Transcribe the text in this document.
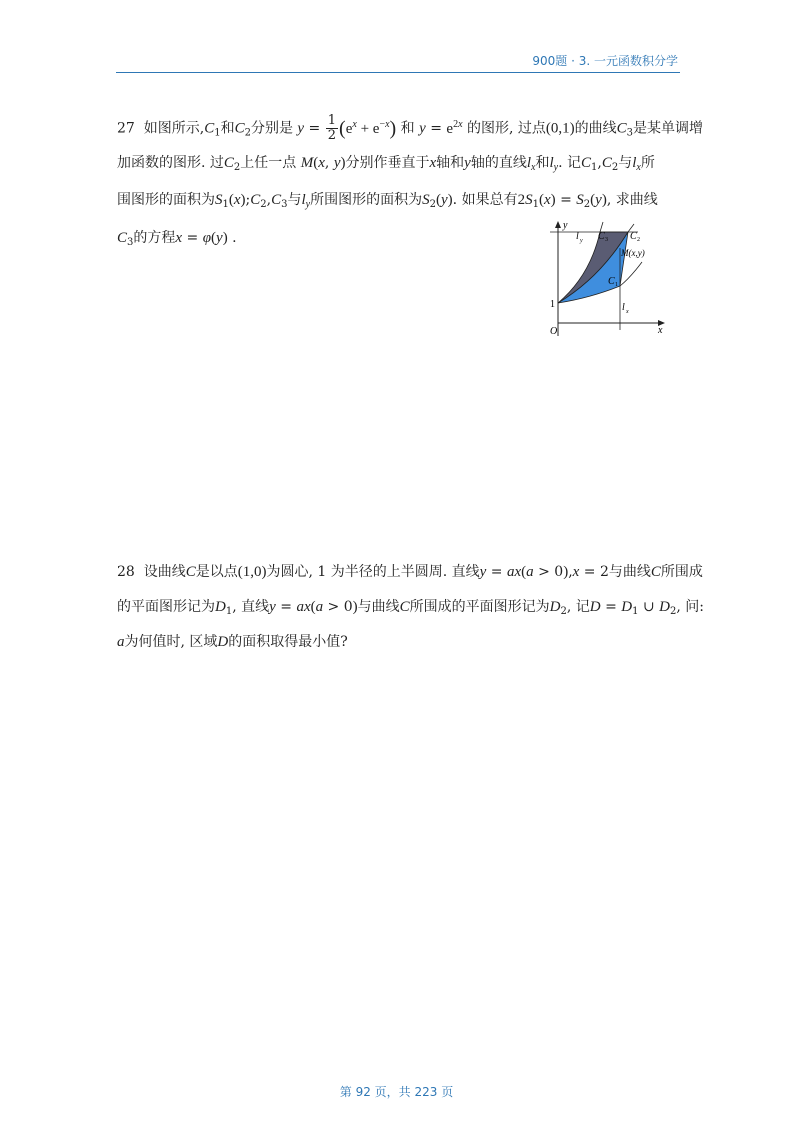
900题 · 3. 一元函数积分学
27 如图所示$,C_1$和$C_2$分别是 $y = \frac{1}{2} (e^x + e^{-x})$ 和 $y = e^{2x}$ 的图形, 过点(0,1)的曲线$C_3$是某单调增
加函数的图形. 过$C_2$上任一点 M(x, y)分别作垂直于x轴和y轴的直线$l_x$和$l_y$. 记$C_1,C_2$与$l_x$所
围图形的面积为$S_1(x);C_2,C_3$与$l_y$所围图形的面积为$S_2(y)$. 如果总有$2S_1(x) = S_2(y)$, 求曲线
$C_3$的方程x = φ(y) .
y
l y C 3 C 2
M(x,y)
C 1
l x
1
O	x
28 设曲线C是以点(1,0)为圆心, 1 为半径的上半圆周. 直线y = ax(a > 0),x = 2与曲线C所围成
的平面图形记为$D_1$, 直线y = ax(a > 0)与曲线C所围成的平面图形记为$D_2$, 记$D = D_1$ ∪ $D_2$, 问:
a为何值时, 区域D的面积取得最小值?
第 92 页，共 223 页
